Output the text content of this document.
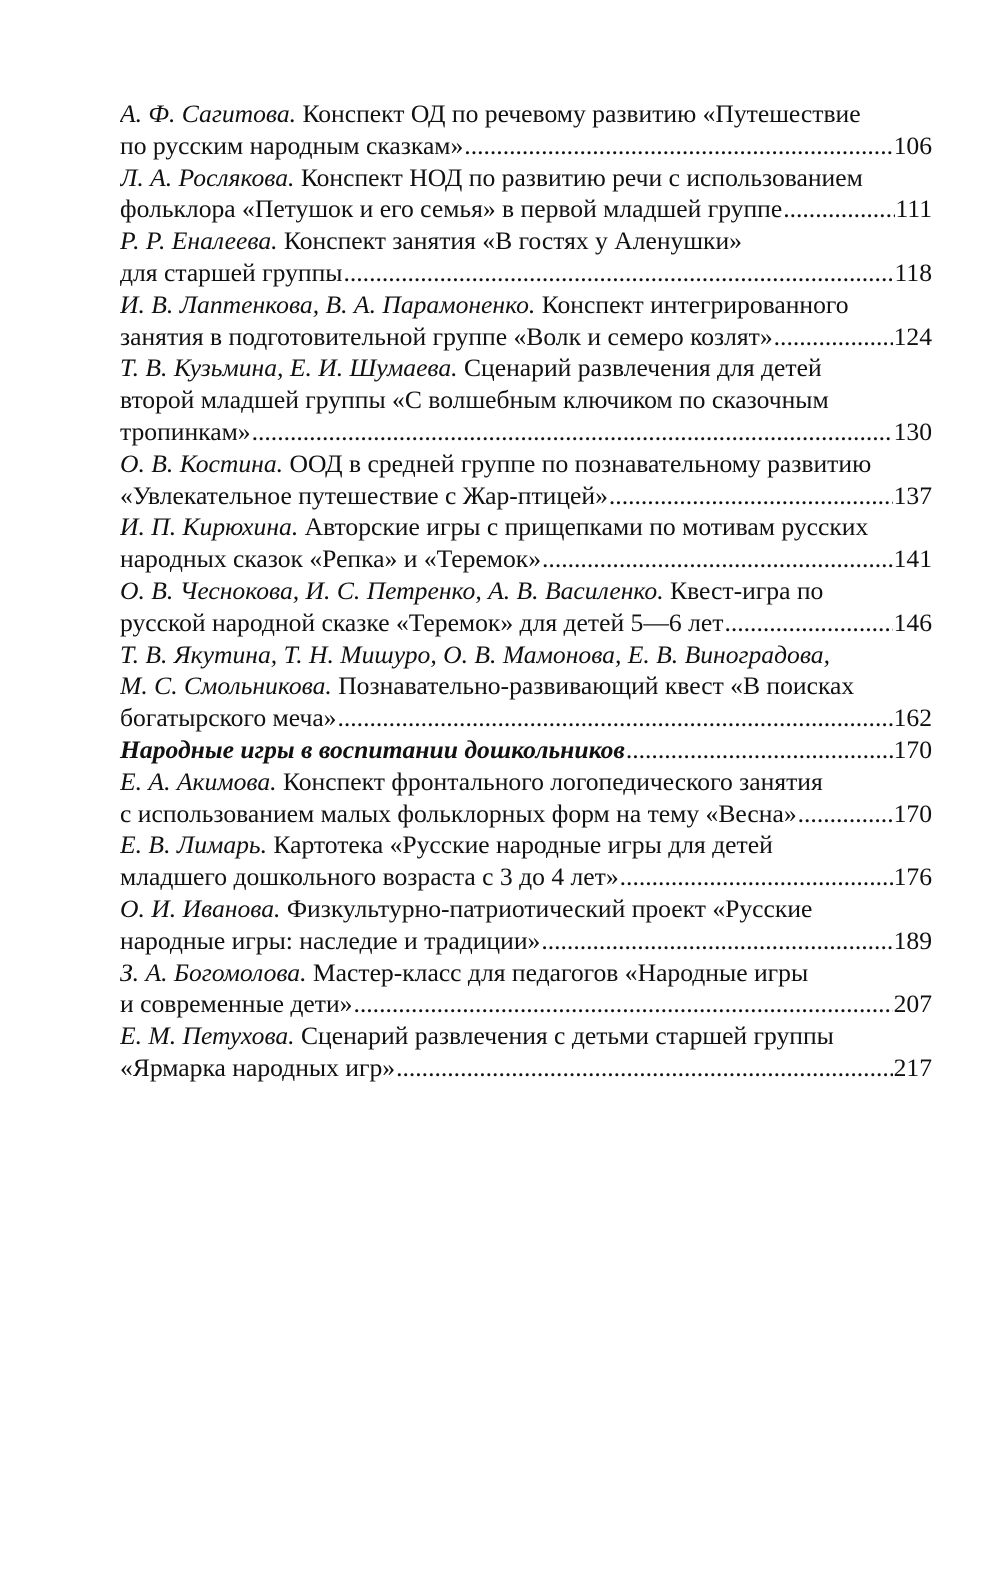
А. Ф. Сагитова. Конспект ОД по речевому развитию «Путешествие
по русским народным сказкам» .....	106
Л. А. Рослякова. Конспект НОД по развитию речи с использованием
фольклора «Петушок и его семья» в первой младшей группе .....	111
Р. Р. Еналеева. Конспект занятия «В гостях у Аленушки»
для старшей группы .....	118
И. В. Лаптенкова, В. А. Парамоненко. Конспект интегрированного
занятия в подготовительной группе «Волк и семеро козлят» .....	124
Т. В. Кузьмина, Е. И. Шумаева. Сценарий развлечения для детей
второй младшей группы «С волшебным ключиком по сказочным
тропинкам» .....	130
О. В. Костина. ООД в средней группе по познавательному развитию
«Увлекательное путешествие с Жар-птицей» .....	137
И. П. Кирюхина. Авторские игры с прищепками по мотивам русских
народных сказок «Репка» и «Теремок» .....	141
О. В. Чеснокова, И. С. Петренко, А. В. Василенко. Квест-игра по
русской народной сказке «Теремок» для детей 5—6 лет .....	146
Т. В. Якутина, Т. Н. Мишуро, О. В. Мамонова, Е. В. Виноградова,
М. С. Смольникова. Познавательно-развивающий квест «В поисках
богатырского меча» .....	162
Народные игры в воспитании дошкольников .....	170
Е. А. Акимова. Конспект фронтального логопедического занятия
с использованием малых фольклорных форм на тему «Весна» .....	170
Е. В. Лимарь. Картотека «Русские народные игры для детей
младшего дошкольного возраста с 3 до 4 лет» .....	176
О. И. Иванова. Физкультурно-патриотический проект «Русские
народные игры: наследие и традиции» .....	189
З. А. Богомолова. Мастер-класс для педагогов «Народные игры
и современные дети» .....	207
Е. М. Петухова. Сценарий развлечения с детьми старшей группы
«Ярмарка народных игр» .....	217
